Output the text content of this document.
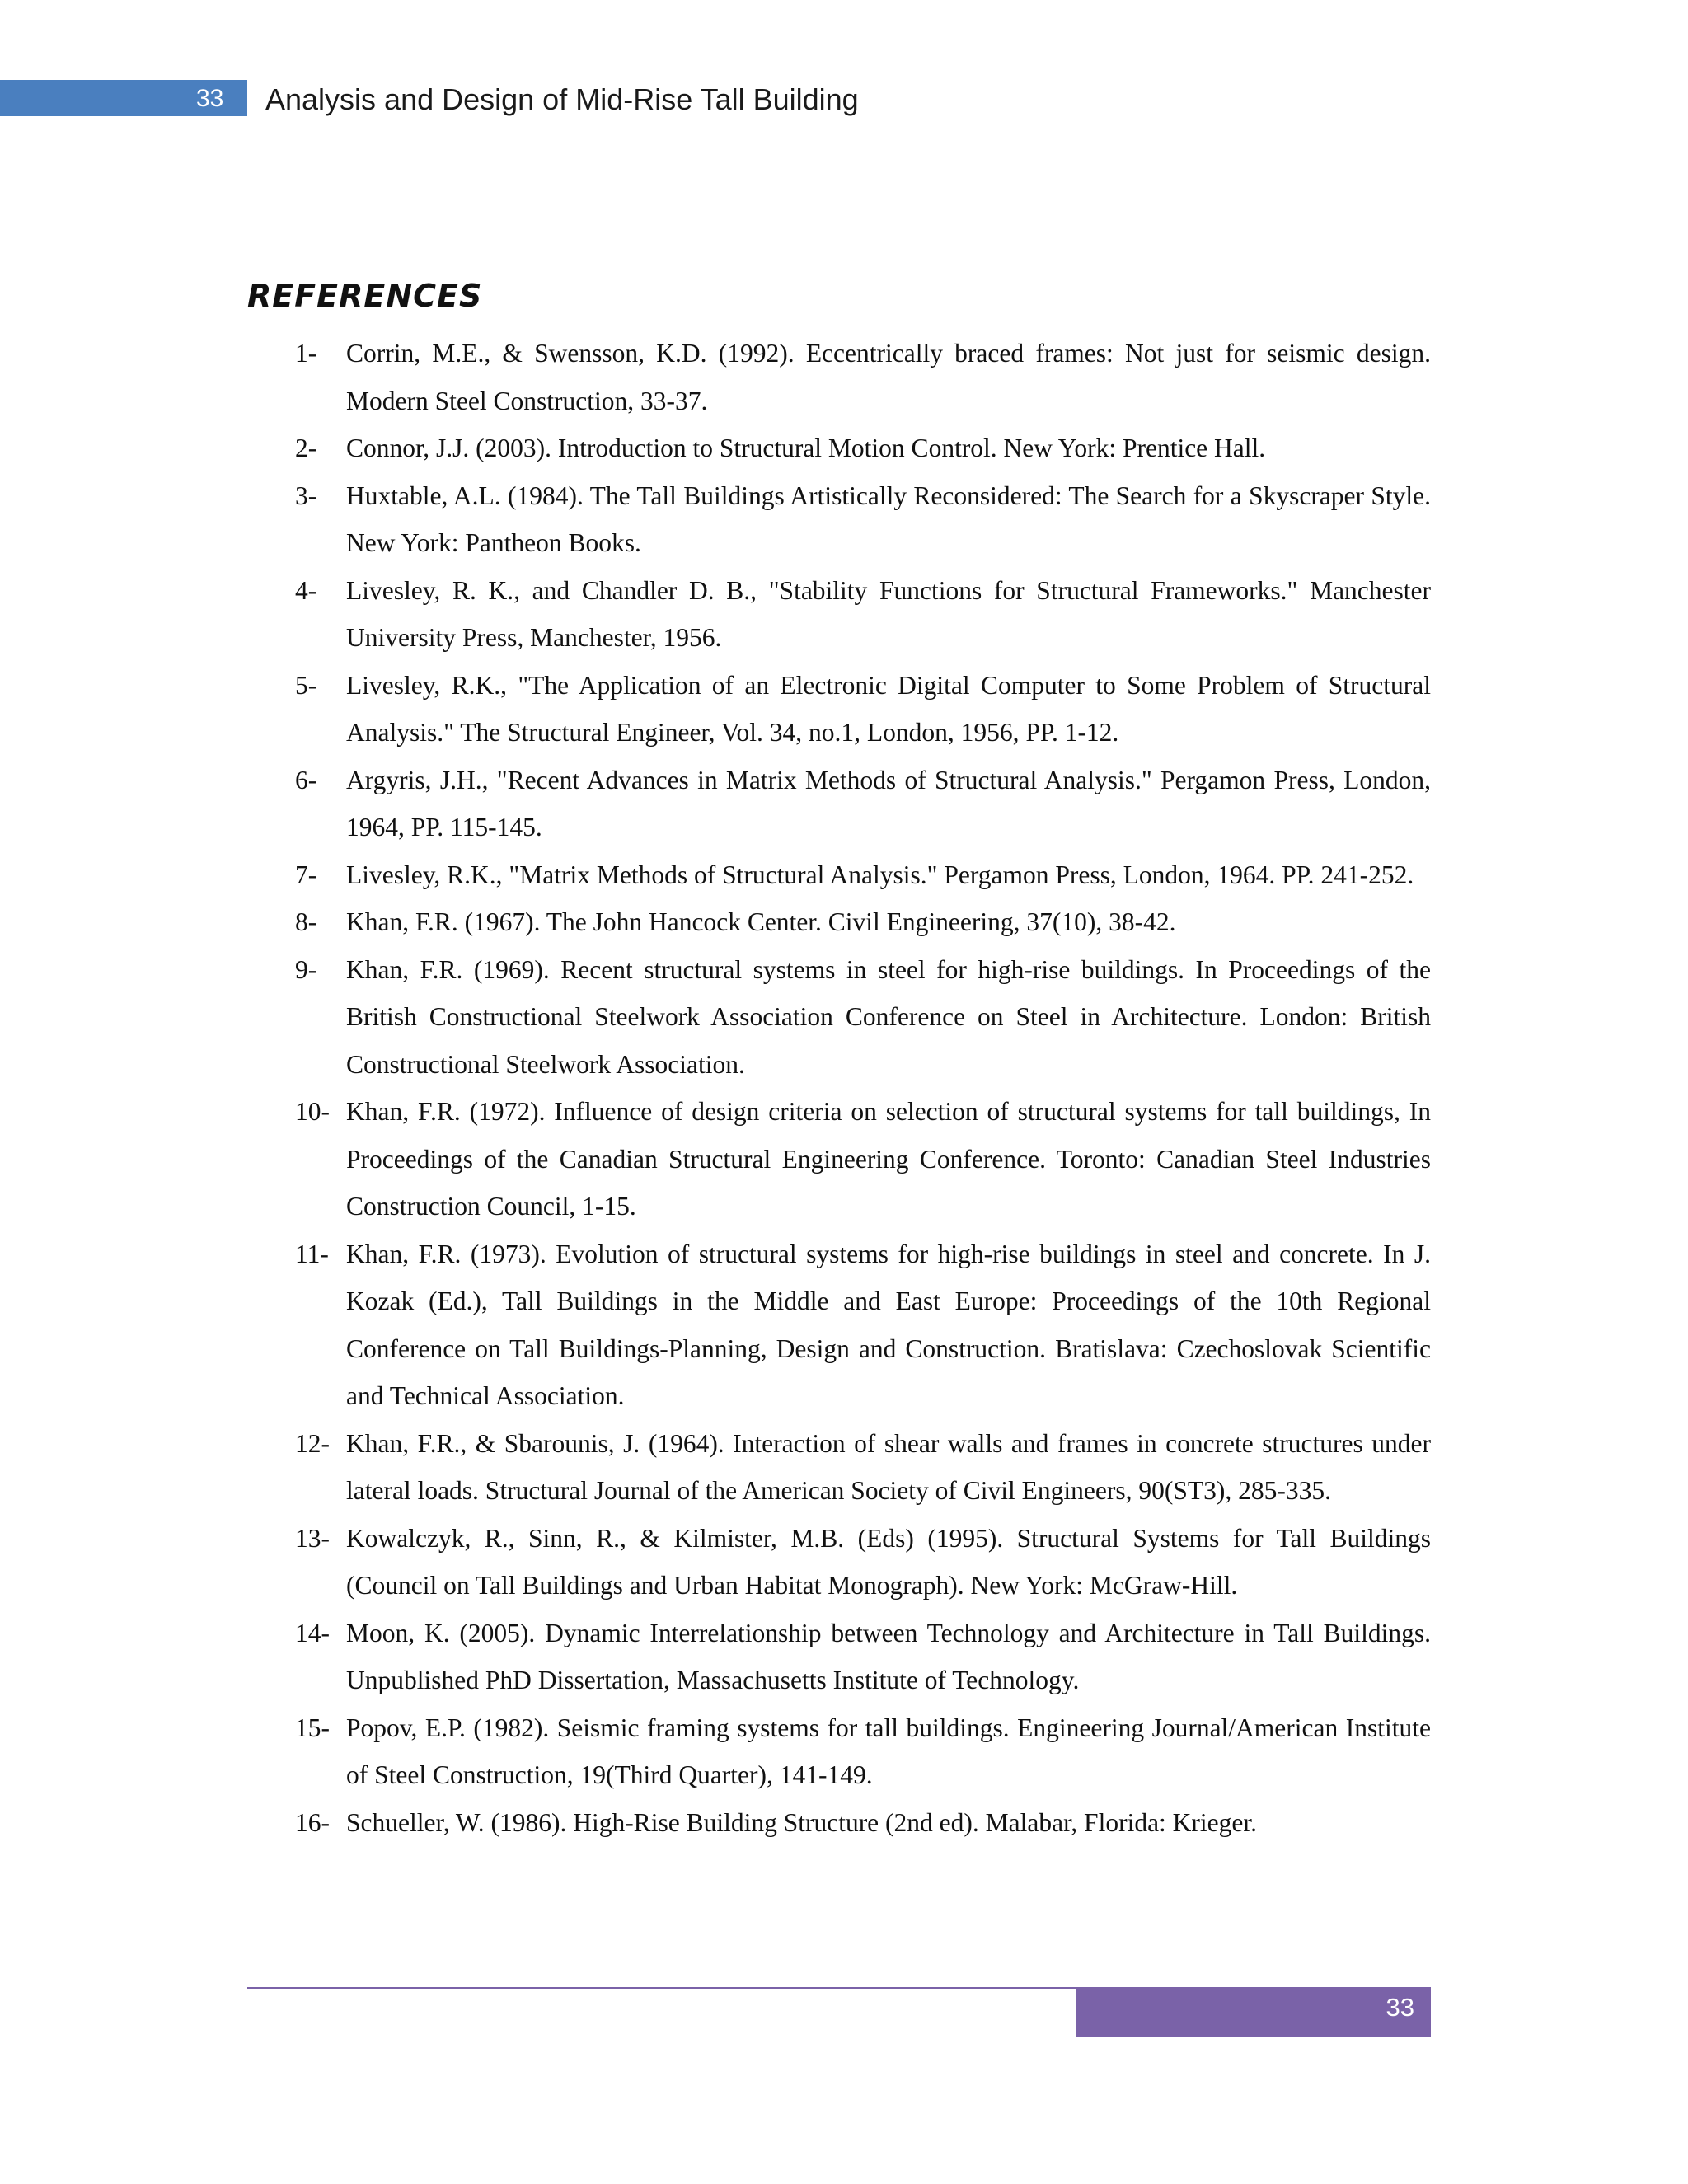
33 Analysis and Design of Mid-Rise Tall Building
REFERENCES
1-	Corrin, M.E., & Swensson, K.D. (1992). Eccentrically braced frames: Not just for seismic design. Modern Steel Construction, 33-37.
2-	Connor, J.J. (2003). Introduction to Structural Motion Control. New York: Prentice Hall.
3-	Huxtable, A.L. (1984). The Tall Buildings Artistically Reconsidered: The Search for a Skyscraper Style. New York: Pantheon Books.
4-	Livesley, R. K., and Chandler D. B., "Stability Functions for Structural Frameworks." Manchester University Press, Manchester, 1956.
5-	Livesley, R.K., "The Application of an Electronic Digital Computer to Some Problem of Structural Analysis." The Structural Engineer, Vol. 34, no.1, London, 1956, PP. 1-12.
6-	Argyris, J.H., "Recent Advances in Matrix Methods of Structural Analysis." Pergamon Press, London, 1964, PP. 115-145.
7-	Livesley, R.K., "Matrix Methods of Structural Analysis." Pergamon Press, London, 1964. PP. 241-252.
8-	Khan, F.R. (1967). The John Hancock Center. Civil Engineering, 37(10), 38-42.
9-	Khan, F.R. (1969). Recent structural systems in steel for high-rise buildings. In Proceedings of the British Constructional Steelwork Association Conference on Steel in Architecture. London: British Constructional Steelwork Association.
10- Khan, F.R. (1972). Influence of design criteria on selection of structural systems for tall buildings, In Proceedings of the Canadian Structural Engineering Conference. Toronto: Canadian Steel Industries Construction Council, 1-15.
11- Khan, F.R. (1973). Evolution of structural systems for high-rise buildings in steel and concrete. In J. Kozak (Ed.), Tall Buildings in the Middle and East Europe: Proceedings of the 10th Regional Conference on Tall Buildings-Planning, Design and Construction. Bratislava: Czechoslovak Scientific and Technical Association.
12- Khan, F.R., & Sbarounis, J. (1964). Interaction of shear walls and frames in concrete structures under lateral loads. Structural Journal of the American Society of Civil Engineers, 90(ST3), 285-335.
13- Kowalczyk, R., Sinn, R., & Kilmister, M.B. (Eds) (1995). Structural Systems for Tall Buildings (Council on Tall Buildings and Urban Habitat Monograph). New York: McGraw-Hill.
14- Moon, K. (2005). Dynamic Interrelationship between Technology and Architecture in Tall Buildings. Unpublished PhD Dissertation, Massachusetts Institute of Technology.
15- Popov, E.P. (1982). Seismic framing systems for tall buildings. Engineering Journal/American Institute of Steel Construction, 19(Third Quarter), 141-149.
16- Schueller, W. (1986). High-Rise Building Structure (2nd ed). Malabar, Florida: Krieger.
33
